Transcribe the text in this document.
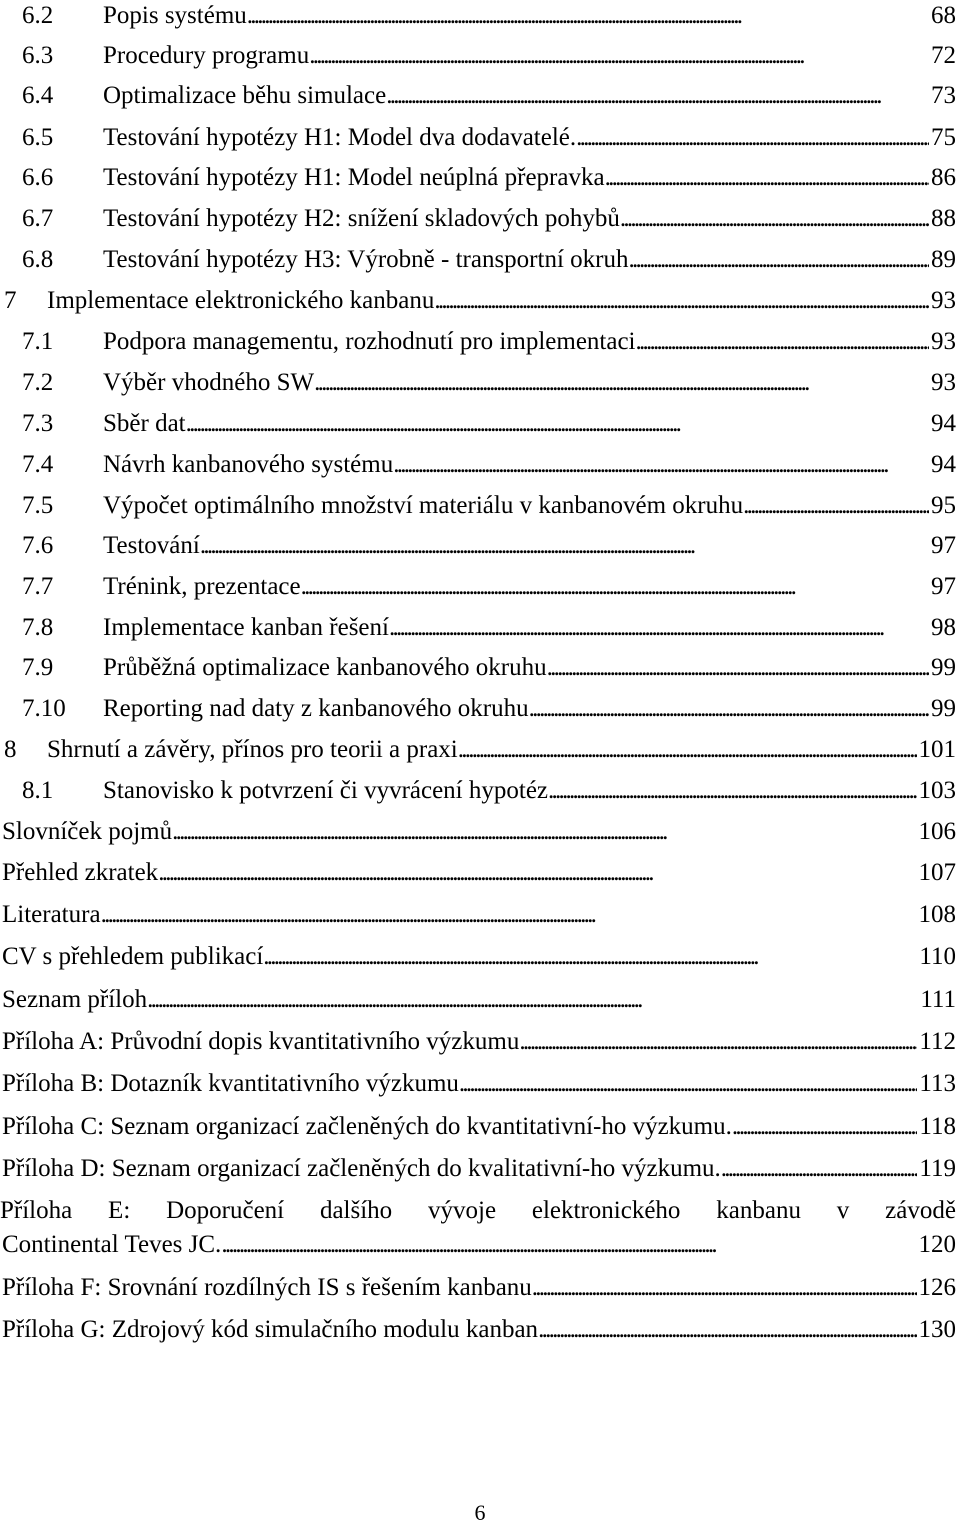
6.2 Popis systému . . .	68
6.3 Procedury programu . . .	72
6.4 Optimalizace běhu simulace . . .	73
6.5 Testování hypotézy H1: Model dva dodavatelé. . . .	75
6.6 Testování hypotézy H1: Model neúplná přepravka . . .	86
6.7 Testování hypotézy H2: snížení skladových pohybů . . .	88
6.8 Testování hypotézy H3: Výrobně - transportní okruh . . .	89
7 Implementace elektronického kanbanu . . .	93
7.1 Podpora managementu, rozhodnutí pro implementaci . . .	93
7.2 Výběr vhodného SW . . .	93
7.3 Sběr dat . . .	94
7.4 Návrh kanbanového systému . . .	94
7.5 Výpočet optimálního množství materiálu v kanbanovém okruhu . . .	95
7.6 Testování . . .	97
7.7 Trénink, prezentace . . .	97
7.8 Implementace kanban řešení . . .	98
7.9 Průběžná optimalizace kanbanového okruhu . . .	99
7.10 Reporting nad daty z kanbanového okruhu . . .	99
8 Shrnutí a závěry, přínos pro teorii a praxi . . .	101
8.1 Stanovisko k potvrzení či vyvrácení hypotéz . . .	103
Slovníček pojmů . . .	106
Přehled zkratek . . .	107
Literatura . . .	108
CV s přehledem publikací . . .	110
Seznam příloh . . .	111
Příloha A: Průvodní dopis kvantitativního výzkumu . . .	112
Příloha B: Dotazník kvantitativního výzkumu . . .	113
Příloha C: Seznam organizací začleněných do kvantitativní-ho výzkumu. . . .	118
Příloha D: Seznam organizací začleněných do kvalitativní-ho výzkumu. . . .	119
Příloha E: Doporučení dalšího vývoje elektronického kanbanu v závodě
Continental Teves JC. . . .	120
Příloha F: Srovnání rozdílných IS s řešením kanbanu . . .	126
Příloha G: Zdrojový kód simulačního modulu kanban . . .	130
6
